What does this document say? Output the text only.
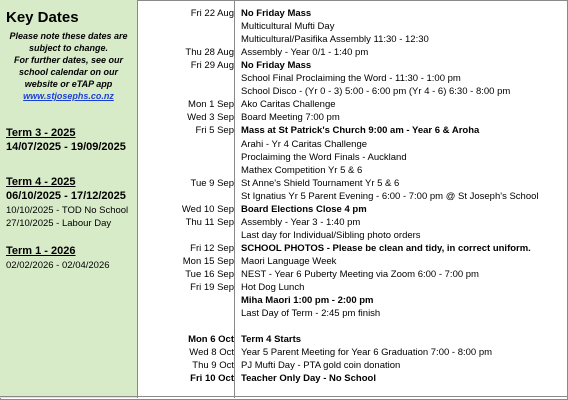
Key Dates
Please note these dates are
subject to change.
For further dates, see our
school calendar on our
website or eTAP app
www.stjosephs.co.nz
Term 3 - 2025
14/07/2025 - 19/09/2025
Term 4 - 2025
06/10/2025 - 17/12/2025
10/10/2025 - TOD No School
27/10/2025 - Labour Day
Term 1 - 2026
02/02/2026 - 02/04/2026
Fri 22 Aug No Friday Mass
Multicultural Mufti Day
Multicultural/Pasifika Assembly 11:30 - 12:30
Thu 28 Aug Assembly - Year 0/1 - 1:40 pm
Fri 29 Aug No Friday Mass
School Final Proclaiming the Word - 11:30 - 1:00 pm
School Disco - (Yr 0 - 3) 5:00 - 6:00 pm (Yr 4 - 6) 6:30 - 8:00 pm
Mon 1 Sep Ako Caritas Challenge
Wed 3 Sep Board Meeting 7:00 pm
Fri 5 Sep Mass at St Patrick's Church 9:00 am - Year 6 & Aroha
Arahi - Yr 4 Caritas Challenge
Proclaiming the Word Finals - Auckland
Mathex Competition Yr 5 & 6
Tue 9 Sep St Anne's Shield Tournament Yr 5 & 6
St Ignatius Yr 5 Parent Evening - 6:00 - 7:00 pm @ St Joseph's School
Wed 10 Sep Board Elections Close 4 pm
Thu 11 Sep Assembly - Year 3 - 1:40 pm
Last day for Individual/Sibling photo orders
Fri 12 Sep SCHOOL PHOTOS - Please be clean and tidy, in correct uniform.
Mon 15 Sep Maori Language Week
Tue 16 Sep NEST - Year 6 Puberty Meeting via Zoom 6:00 - 7:00 pm
Fri 19 Sep Hot Dog Lunch
Miha Maori 1:00 pm - 2:00 pm
Last Day of Term - 2:45 pm finish
Mon 6 Oct Term 4 Starts
Wed 8 Oct Year 5 Parent Meeting for Year 6 Graduation 7:00 - 8:00 pm
Thu 9 Oct PJ Mufti Day - PTA gold coin donation
Fri 10 Oct Teacher Only Day - No School
